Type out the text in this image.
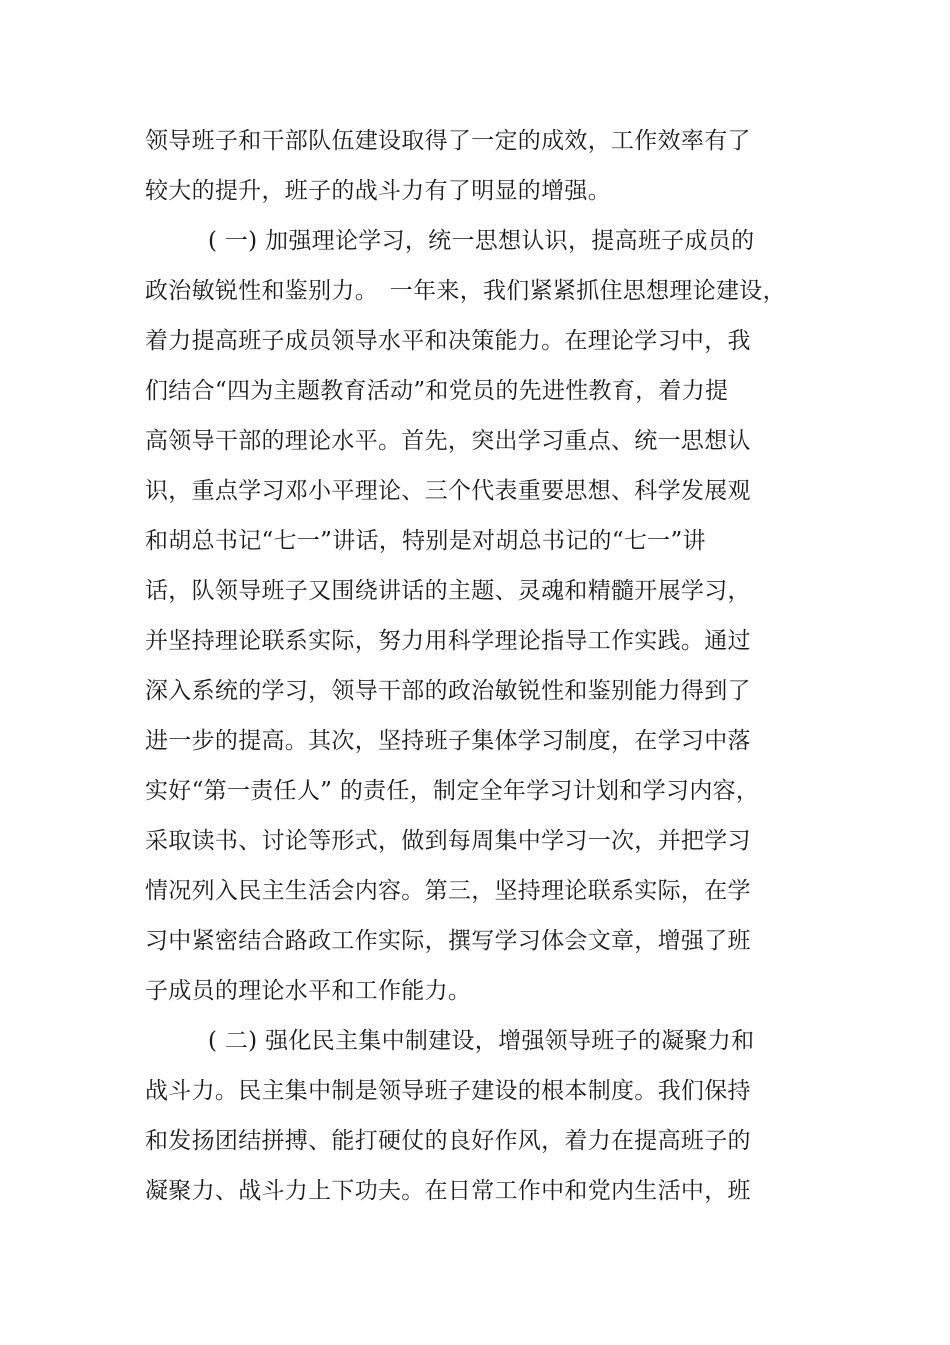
领导班子和干部队伍建设取得了一定的成效，工作效率有了
较大的提升，班子的战斗力有了明显的增强。
( 一) 加强理论学习，统一思想认识，提高班子成员的
政治敏锐性和鉴别力。　一年来，我们紧紧抓住思想理论建设，
着力提高班子成员领导水平和决策能力。在理论学习中，我
们结合“四为主题教育活动”和党员的先进性教育，着力提
高领导干部的理论水平。首先，突出学习重点、统一思想认
识，重点学习邓小平理论、三个代表重要思想、科学发展观
和胡总书记“七一”讲话，特别是对胡总书记的“七一”讲
话，队领导班子又围绕讲话的主题、灵魂和精髓开展学习，
并坚持理论联系实际，努力用科学理论指导工作实践。通过
深入系统的学习，领导干部的政治敏锐性和鉴别能力得到了
进一步的提高。其次，坚持班子集体学习制度，在学习中落
实好“第一责任人” 的责任，制定全年学习计划和学习内容，
采取读书、讨论等形式，做到每周集中学习一次，并把学习
情况列入民主生活会内容。第三，坚持理论联系实际，在学
习中紧密结合路政工作实际，撰写学习体会文章，增强了班
子成员的理论水平和工作能力。
( 二) 强化民主集中制建设，增强领导班子的凝聚力和
战斗力。民主集中制是领导班子建设的根本制度。我们保持
和发扬团结拼搏、能打硬仗的良好作风，着力在提高班子的
凝聚力、战斗力上下功夫。在日常工作中和党内生活中，班
